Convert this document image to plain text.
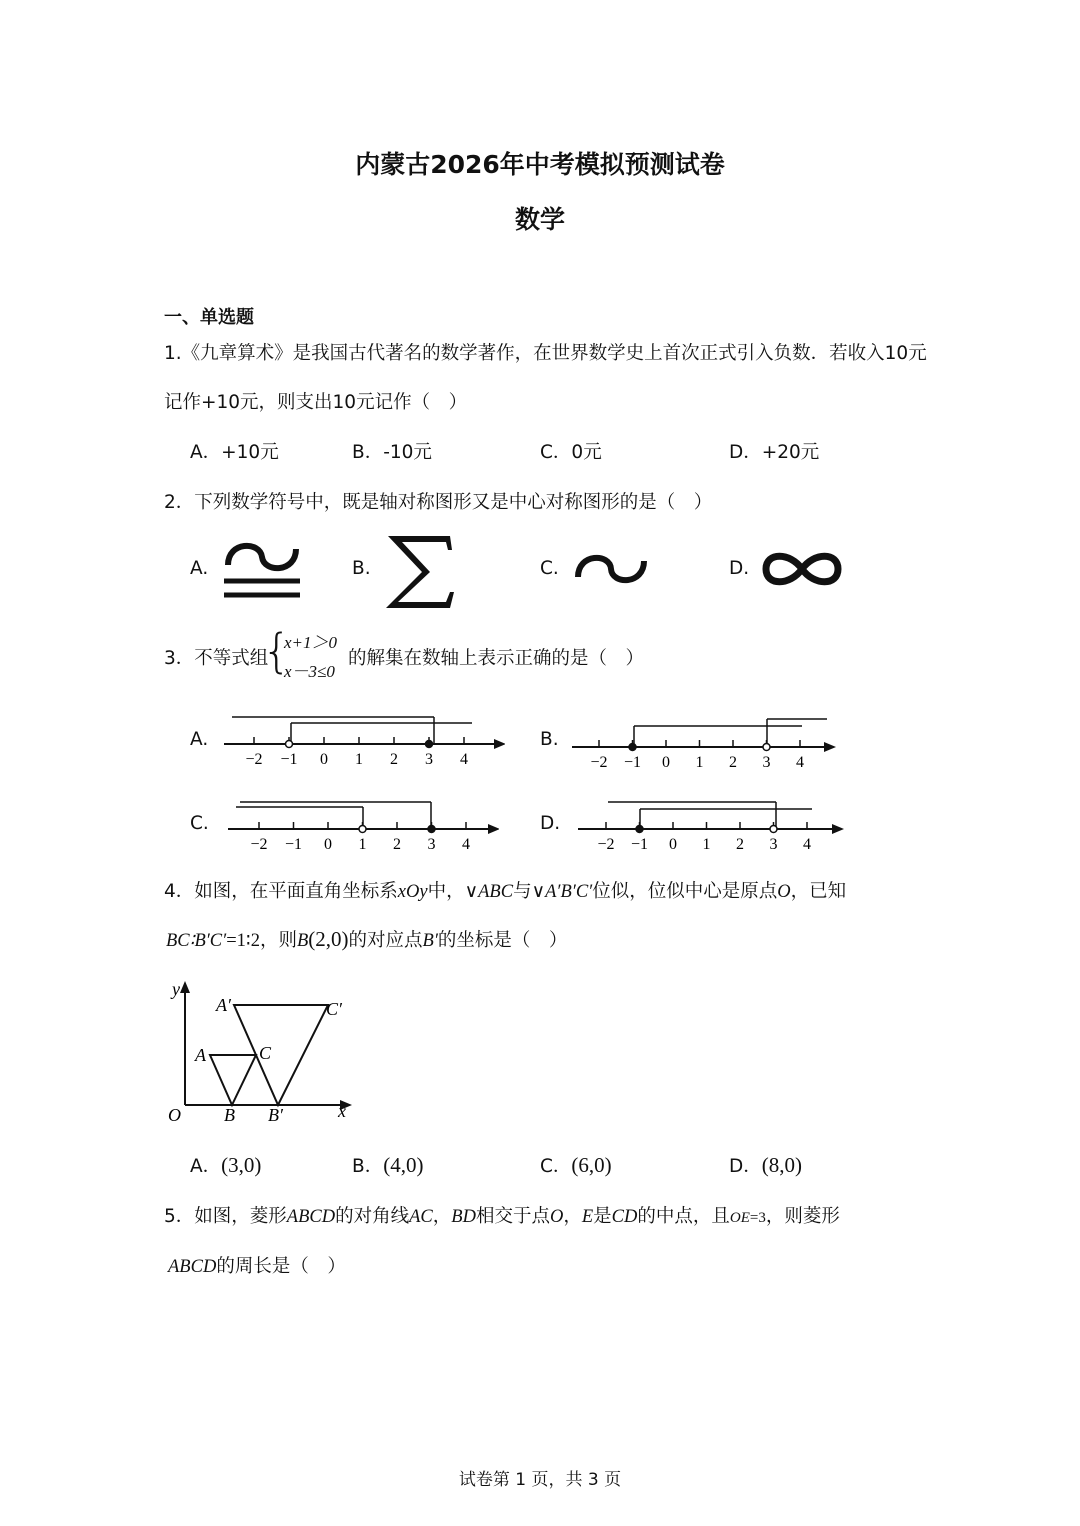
内蒙古2026年中考模拟预测试卷
数学
一、单选题
1.《九章算术》是我国古代著名的数学著作，在世界数学史上首次正式引入负数．若收入10元
记作+10元，则支出10元记作（　）
A．+10元	B．-10元	C．0元	D．+20元
2．下列数学符号中，既是轴对称图形又是中心对称图形的是（　）
A.	B.	C.	D.
3．不等式组
{
x+1＞0
x－3≤0
的解集在数轴上表示正确的是（　）
A.
−2 −1 0 1 2 3 4
B.
−2 −1 0 1 2 3 4
C.
−2 −1 0 1 2 3 4
D.
−2 −1 0 1 2 3 4
4．如图，在平面直角坐标系xOy中，∨ABC与∨A′B′C′位似，位似中心是原点O，已知
BC∶B′C′=1∶2，则B(2,0)的对应点B′的坐标是（　）
y
x
O
A
B
C
A′
B′
C′
A．(3,0)	B．(4,0)	C．(6,0)	D．(8,0)
5．如图，菱形ABCD的对角线AC，BD相交于点O，E是CD的中点，且OE=3，则菱形
ABCD的周长是（　）
试卷第 1 页，共 3 页
